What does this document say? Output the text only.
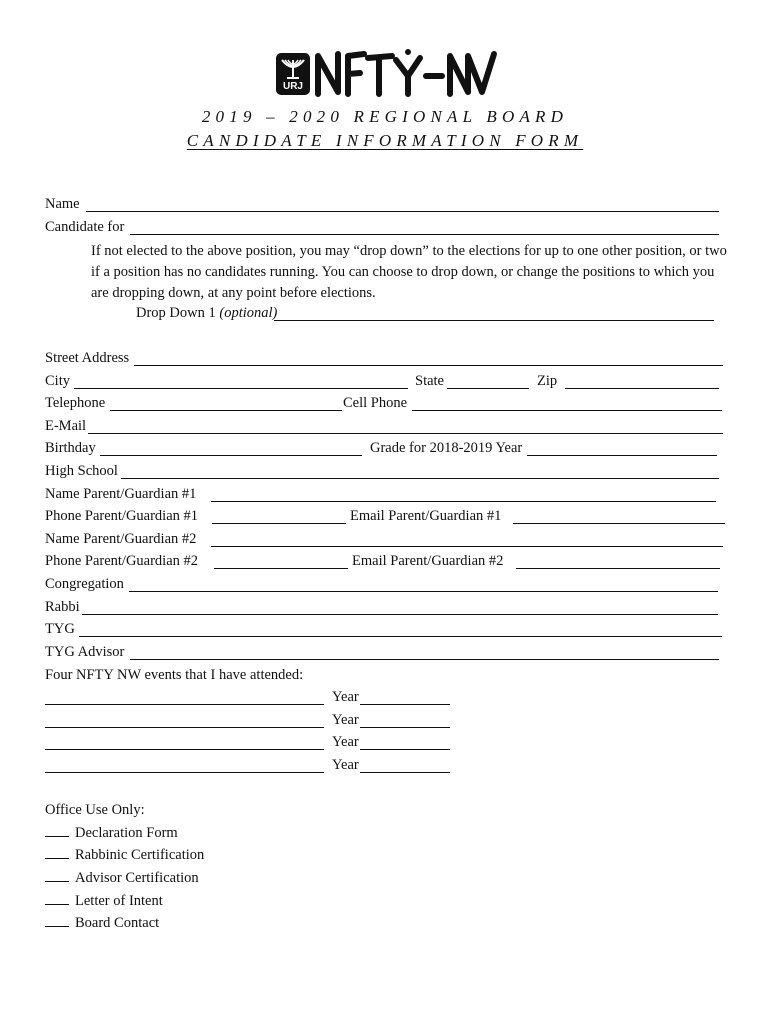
URJ
2019 – 2020 REGIONAL BOARD
CANDIDATE INFORMATION FORM
Name
Candidate for
If not elected to the above position, you may “drop down” to the elections for up to one other position, or two if a position has no candidates running. You can choose to drop down, or change the positions to which you are dropping down, at any point before elections.
Drop Down 1 (optional)
Street Address
City	State	Zip
Telephone	Cell Phone
E-Mail
Birthday	Grade for 2018-2019 Year
High School
Name Parent/Guardian #1
Phone Parent/Guardian #1	Email Parent/Guardian #1
Name Parent/Guardian #2
Phone Parent/Guardian #2	Email Parent/Guardian #2
Congregation
Rabbi
TYG
TYG Advisor
Four NFTY NW events that I have attended:
Year
Year
Year
Year
Office Use Only:
Declaration Form
Rabbinic Certification
Advisor Certification
Letter of Intent
Board Contact
